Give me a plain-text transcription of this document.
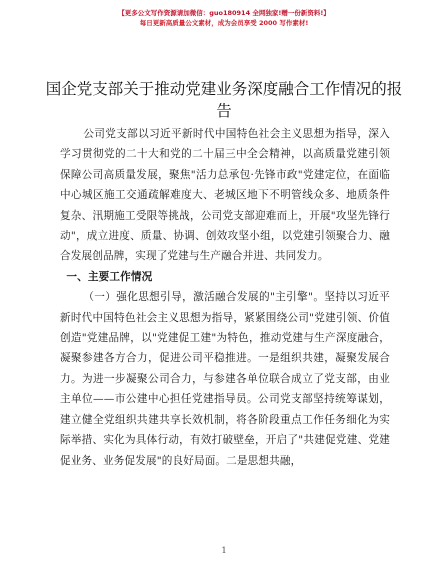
【更多公文写作资源请加微信：guo180914 全网独家!赠一份新资料!】
每日更新高质量公文素材，成为会员享受 2000 写作素材!
国企党支部关于推动党建业务深度融合工作情况的报告

公司党支部以习近平新时代中国特色社会主义思想为指导，深入学习贯彻党的二十大和党的二十届三中全会精神，以高质量党建引领保障公司高质量发展，聚焦"活力总承包·先锋市政"党建定位，在面临中心城区施工交通疏解难度大、老城区地下不明管线众多、地质条件复杂、汛期施工受限等挑战，公司党支部迎难而上，开展"攻坚先锋行动"，成立进度、质量、协调、创效攻坚小组，以党建引领聚合力、融合发展创品牌，实现了党建与生产融合并进、共同发力。

一、主要工作情况

（一）强化思想引导，激活融合发展的"主引擎"。坚持以习近平新时代中国特色社会主义思想为指导，紧紧围绕公司"党建引领、价值创造"党建品牌，以"党建促工建"为特色，推动党建与生产深度融合，凝聚参建各方合力，促进公司平稳推进。一是组织共建，凝聚发展合力。为进一步凝聚公司合力，与参建各单位联合成立了党支部，由业主单位——市公建中心担任党建指导员。公司党支部坚持统筹谋划，建立健全党组织共建共享长效机制，将各阶段重点工作任务细化为实际举措、实化为具体行动，有效打破壁垒，开启了"共建促党建、党建促业务、业务促发展"的良好局面。二是思想共融，

1
